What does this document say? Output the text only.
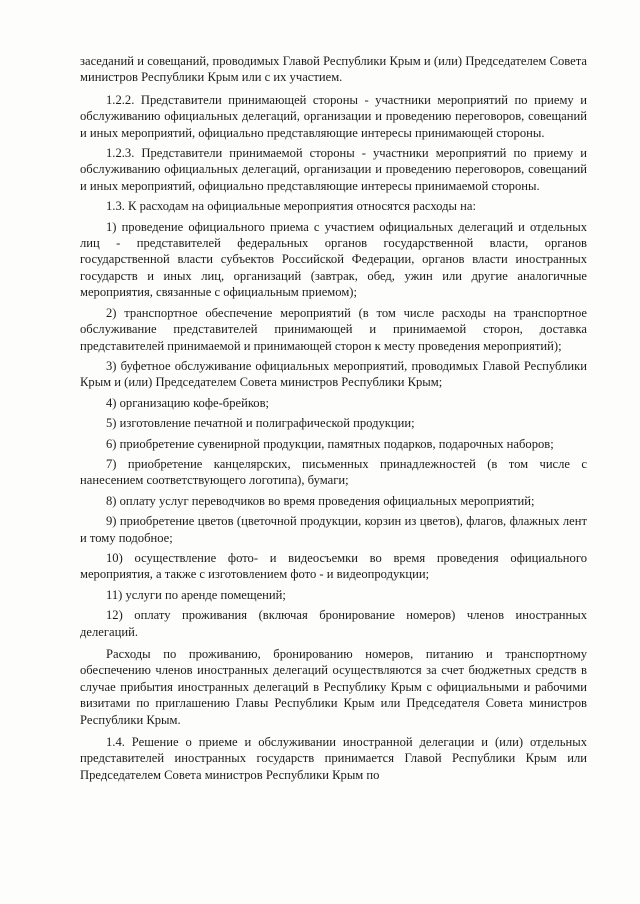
заседаний и совещаний, проводимых Главой Республики Крым и (или) Председателем Совета министров Республики Крым или с их участием.

1.2.2. Представители принимающей стороны - участники мероприятий по приему и обслуживанию официальных делегаций, организации и проведению переговоров, совещаний и иных мероприятий, официально представляющие интересы принимающей стороны.

1.2.3. Представители принимаемой стороны - участники мероприятий по приему и обслуживанию официальных делегаций, организации и проведению переговоров, совещаний и иных мероприятий, официально представляющие интересы принимаемой стороны.

1.3. К расходам на официальные мероприятия относятся расходы на:

1) проведение официального приема с участием официальных делегаций и отдельных лиц - представителей федеральных органов государственной власти, органов государственной власти субъектов Российской Федерации, органов власти иностранных государств и иных лиц, организаций (завтрак, обед, ужин или другие аналогичные мероприятия, связанные с официальным приемом);

2) транспортное обеспечение мероприятий (в том числе расходы на транспортное обслуживание представителей принимающей и принимаемой сторон, доставка представителей принимаемой и принимающей сторон к месту проведения мероприятий);

3) буфетное обслуживание официальных мероприятий, проводимых Главой Республики Крым и (или) Председателем Совета министров Республики Крым;

4) организацию кофе-брейков;

5) изготовление печатной и полиграфической продукции;

6) приобретение сувенирной продукции, памятных подарков, подарочных наборов;

7) приобретение канцелярских, письменных принадлежностей (в том числе с нанесением соответствующего логотипа), бумаги;

8) оплату услуг переводчиков во время проведения официальных мероприятий;

9) приобретение цветов (цветочной продукции, корзин из цветов), флагов, флажных лент и тому подобное;

10) осуществление фото- и видеосъемки во время проведения официального мероприятия, а также с изготовлением фото - и видеопродукции;

11) услуги по аренде помещений;

12) оплату проживания (включая бронирование номеров) членов иностранных делегаций.

Расходы по проживанию, бронированию номеров, питанию и транспортному обеспечению членов иностранных делегаций осуществляются за счет бюджетных средств в случае прибытия иностранных делегаций в Республику Крым с официальными и рабочими визитами по приглашению Главы Республики Крым или Председателя Совета министров Республики Крым.

1.4. Решение о приеме и обслуживании иностранной делегации и (или) отдельных представителей иностранных государств принимается Главой Республики Крым или Председателем Совета министров Республики Крым по
